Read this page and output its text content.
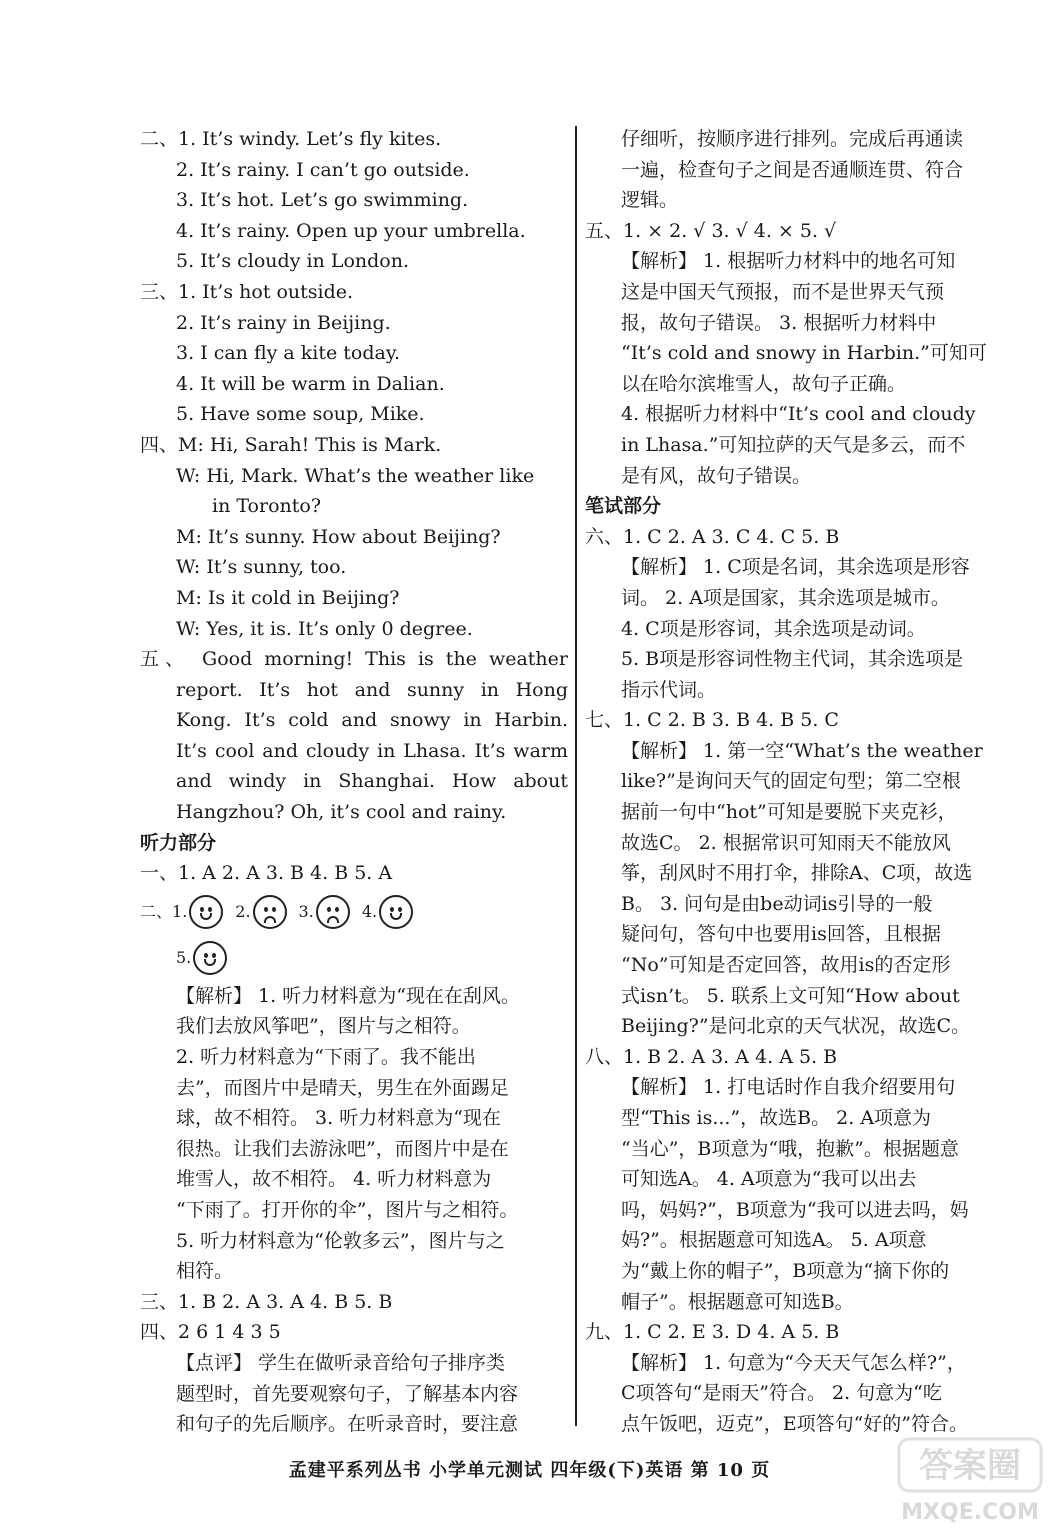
二、1. It’s windy. Let’s fly kites.
2. It’s rainy. I can’t go outside.
3. It’s hot. Let’s go swimming.
4. It’s rainy. Open up your umbrella.
5. It’s cloudy in London.
三、1. It’s hot outside.
2. It’s rainy in Beijing.
3. I can fly a kite today.
4. It will be warm in Dalian.
5. Have some soup, Mike.
四、M: Hi, Sarah! This is Mark.
W: Hi, Mark. What’s the weather like
in Toronto?
M: It’s sunny. How about Beijing?
W: It’s sunny, too.
M: Is it cold in Beijing?
W: Yes, it is. It’s only 0 degree.
五、 Good morning! This is the weather
report. It’s hot and sunny in Hong
Kong. It’s cold and snowy in Harbin.
It’s cool and cloudy in Lhasa. It’s warm
and windy in Shanghai. How about
Hangzhou? Oh, it’s cool and rainy.
听力部分
一、1. A 2. A 3. B 4. B 5. A
二、1.	2.	3.	4.
5.
【解析】 1. 听力材料意为“现在在刮风。
我们去放风筝吧”，图片与之相符。
2. 听力材料意为“下雨了。我不能出
去”，而图片中是晴天，男生在外面踢足
球，故不相符。 3. 听力材料意为“现在
很热。让我们去游泳吧”，而图片中是在
堆雪人，故不相符。 4. 听力材料意为
“下雨了。打开你的伞”，图片与之相符。
5. 听力材料意为“伦敦多云”，图片与之
相符。
三、1. B 2. A 3. A 4. B 5. B
四、2 6 1 4 3 5
【点评】 学生在做听录音给句子排序类
题型时，首先要观察句子，了解基本内容
和句子的先后顺序。在听录音时，要注意
仔细听，按顺序进行排列。完成后再通读
一遍，检查句子之间是否通顺连贯、符合
逻辑。
五、1. × 2. √ 3. √ 4. × 5. √
【解析】 1. 根据听力材料中的地名可知
这是中国天气预报，而不是世界天气预
报，故句子错误。 3. 根据听力材料中
“It’s cold and snowy in Harbin.”可知可
以在哈尔滨堆雪人，故句子正确。
4. 根据听力材料中“It’s cool and cloudy
in Lhasa.”可知拉萨的天气是多云，而不
是有风，故句子错误。
笔试部分
六、1. C 2. A 3. C 4. C 5. B
【解析】 1. C项是名词，其余选项是形容
词。 2. A项是国家，其余选项是城市。
4. C项是形容词，其余选项是动词。
5. B项是形容词性物主代词，其余选项是
指示代词。
七、1. C 2. B 3. B 4. B 5. C
【解析】 1. 第一空“What’s the weather
like?”是询问天气的固定句型；第二空根
据前一句中“hot”可知是要脱下夹克衫，
故选C。 2. 根据常识可知雨天不能放风
筝，刮风时不用打伞，排除A、C项，故选
B。 3. 问句是由be动词is引导的一般
疑问句，答句中也要用is回答，且根据
“No”可知是否定回答，故用is的否定形
式isn’t。 5. 联系上文可知“How about
Beijing?”是问北京的天气状况，故选C。
八、1. B 2. A 3. A 4. A 5. B
【解析】 1. 打电话时作自我介绍要用句
型“This is...”，故选B。 2. A项意为
“当心”，B项意为“哦，抱歉”。根据题意
可知选A。 4. A项意为“我可以出去
吗，妈妈?”，B项意为“我可以进去吗，妈
妈?”。根据题意可知选A。 5. A项意
为“戴上你的帽子”，B项意为“摘下你的
帽子”。根据题意可知选B。
九、1. C 2. E 3. D 4. A 5. B
【解析】 1. 句意为“今天天气怎么样?”，
C项答句“是雨天”符合。 2. 句意为“吃
点午饭吧，迈克”，E项答句“好的”符合。
孟建平系列丛书 小学单元测试 四年级(下)英语 第 10 页	答案圈
MXQE.COM
